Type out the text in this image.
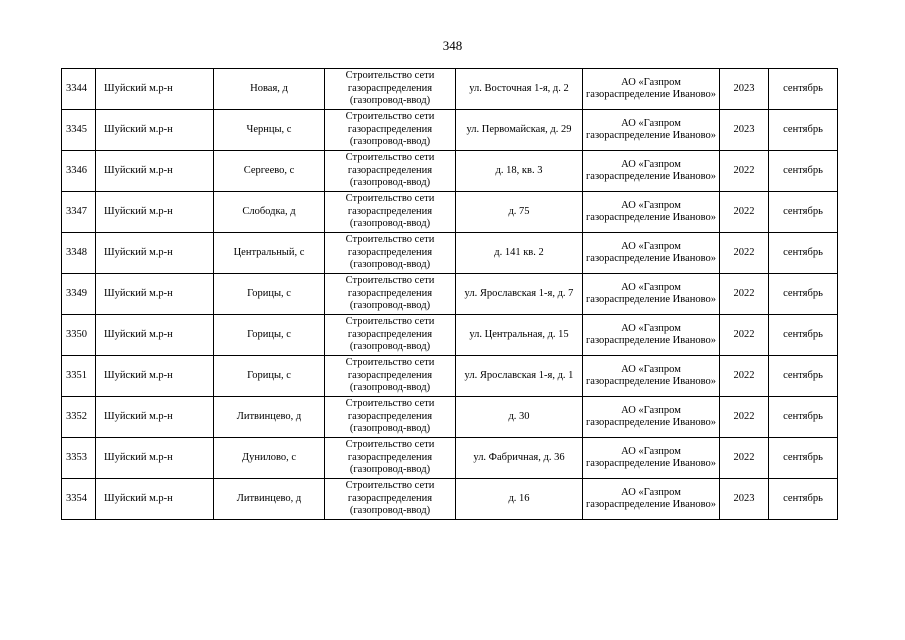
348
3344	Шуйский м.р-н	Новая, д	Строительство сети газораспределения (газопровод-ввод)	ул. Восточная 1-я, д. 2	АО «Газпром газораспределение Иваново»	2023	сентябрь
3345	Шуйский м.р-н	Чернцы, с	Строительство сети газораспределения (газопровод-ввод)	ул. Первомайская, д. 29	АО «Газпром газораспределение Иваново»	2023	сентябрь
3346	Шуйский м.р-н	Сергеево, с	Строительство сети газораспределения (газопровод-ввод)	д. 18, кв. 3	АО «Газпром газораспределение Иваново»	2022	сентябрь
3347	Шуйский м.р-н	Слободка, д	Строительство сети газораспределения (газопровод-ввод)	д. 75	АО «Газпром газораспределение Иваново»	2022	сентябрь
3348	Шуйский м.р-н	Центральный, с	Строительство сети газораспределения (газопровод-ввод)	д. 141 кв. 2	АО «Газпром газораспределение Иваново»	2022	сентябрь
3349	Шуйский м.р-н	Горицы, с	Строительство сети газораспределения (газопровод-ввод)	ул. Ярославская 1-я, д. 7	АО «Газпром газораспределение Иваново»	2022	сентябрь
3350	Шуйский м.р-н	Горицы, с	Строительство сети газораспределения (газопровод-ввод)	ул. Центральная, д. 15	АО «Газпром газораспределение Иваново»	2022	сентябрь
3351	Шуйский м.р-н	Горицы, с	Строительство сети газораспределения (газопровод-ввод)	ул. Ярославская 1-я, д. 1	АО «Газпром газораспределение Иваново»	2022	сентябрь
3352	Шуйский м.р-н	Литвинцево, д	Строительство сети газораспределения (газопровод-ввод)	д. 30	АО «Газпром газораспределение Иваново»	2022	сентябрь
3353	Шуйский м.р-н	Дунилово, с	Строительство сети газораспределения (газопровод-ввод)	ул. Фабричная, д. 36	АО «Газпром газораспределение Иваново»	2022	сентябрь
3354	Шуйский м.р-н	Литвинцево, д	Строительство сети газораспределения (газопровод-ввод)	д. 16	АО «Газпром газораспределение Иваново»	2023	сентябрь
